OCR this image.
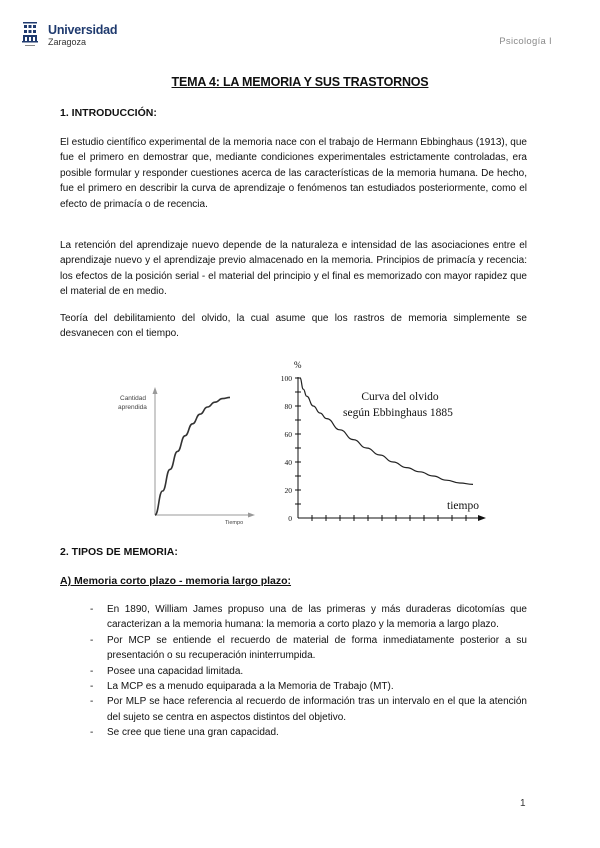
Universidad
Zaragoza	Psicología I
TEMA 4: LA MEMORIA Y SUS TRASTORNOS
1. INTRODUCCIÓN:

El estudio científico experimental de la memoria nace con el trabajo de Hermann Ebbinghaus (1913), que fue el primero en demostrar que, mediante condiciones experimentales estrictamente controladas, era posible formular y responder cuestiones acerca de las características de la memoria humana. De hecho, fue el primero en describir la curva de aprendizaje o fenómenos tan estudiados posteriormente, como el efecto de primacía o de recencia.

La retención del aprendizaje nuevo depende de la naturaleza e intensidad de las asociaciones entre el aprendizaje nuevo y el aprendizaje previo almacenado en la memoria. Principios de primacía y recencia: los efectos de la posición serial - el material del principio y el final es memorizado con mayor rapidez que el material de en medio.

Teoría del debilitamiento del olvido, la cual asume que los rastros de memoria simplemente se desvanecen con el tiempo.

Cantidad
aprendida
Tiempo
%
0
20
40
60
80
100
Curva del olvido
según Ebbinghaus 1885
tiempo
2. TIPOS DE MEMORIA:
A) Memoria corto plazo - memoria largo plazo:
- En 1890, William James propuso una de las primeras y más duraderas dicotomías que caracterizan a la memoria humana: la memoria a corto plazo y la memoria a largo plazo.
- Por MCP se entiende el recuerdo de material de forma inmediatamente posterior a su presentación o su recuperación ininterrumpida.
- Posee una capacidad limitada.
- La MCP es a menudo equiparada a la Memoria de Trabajo (MT).
- Por MLP se hace referencia al recuerdo de información tras un intervalo en el que la atención del sujeto se centra en aspectos distintos del objetivo.
- Se cree que tiene una gran capacidad.
1
